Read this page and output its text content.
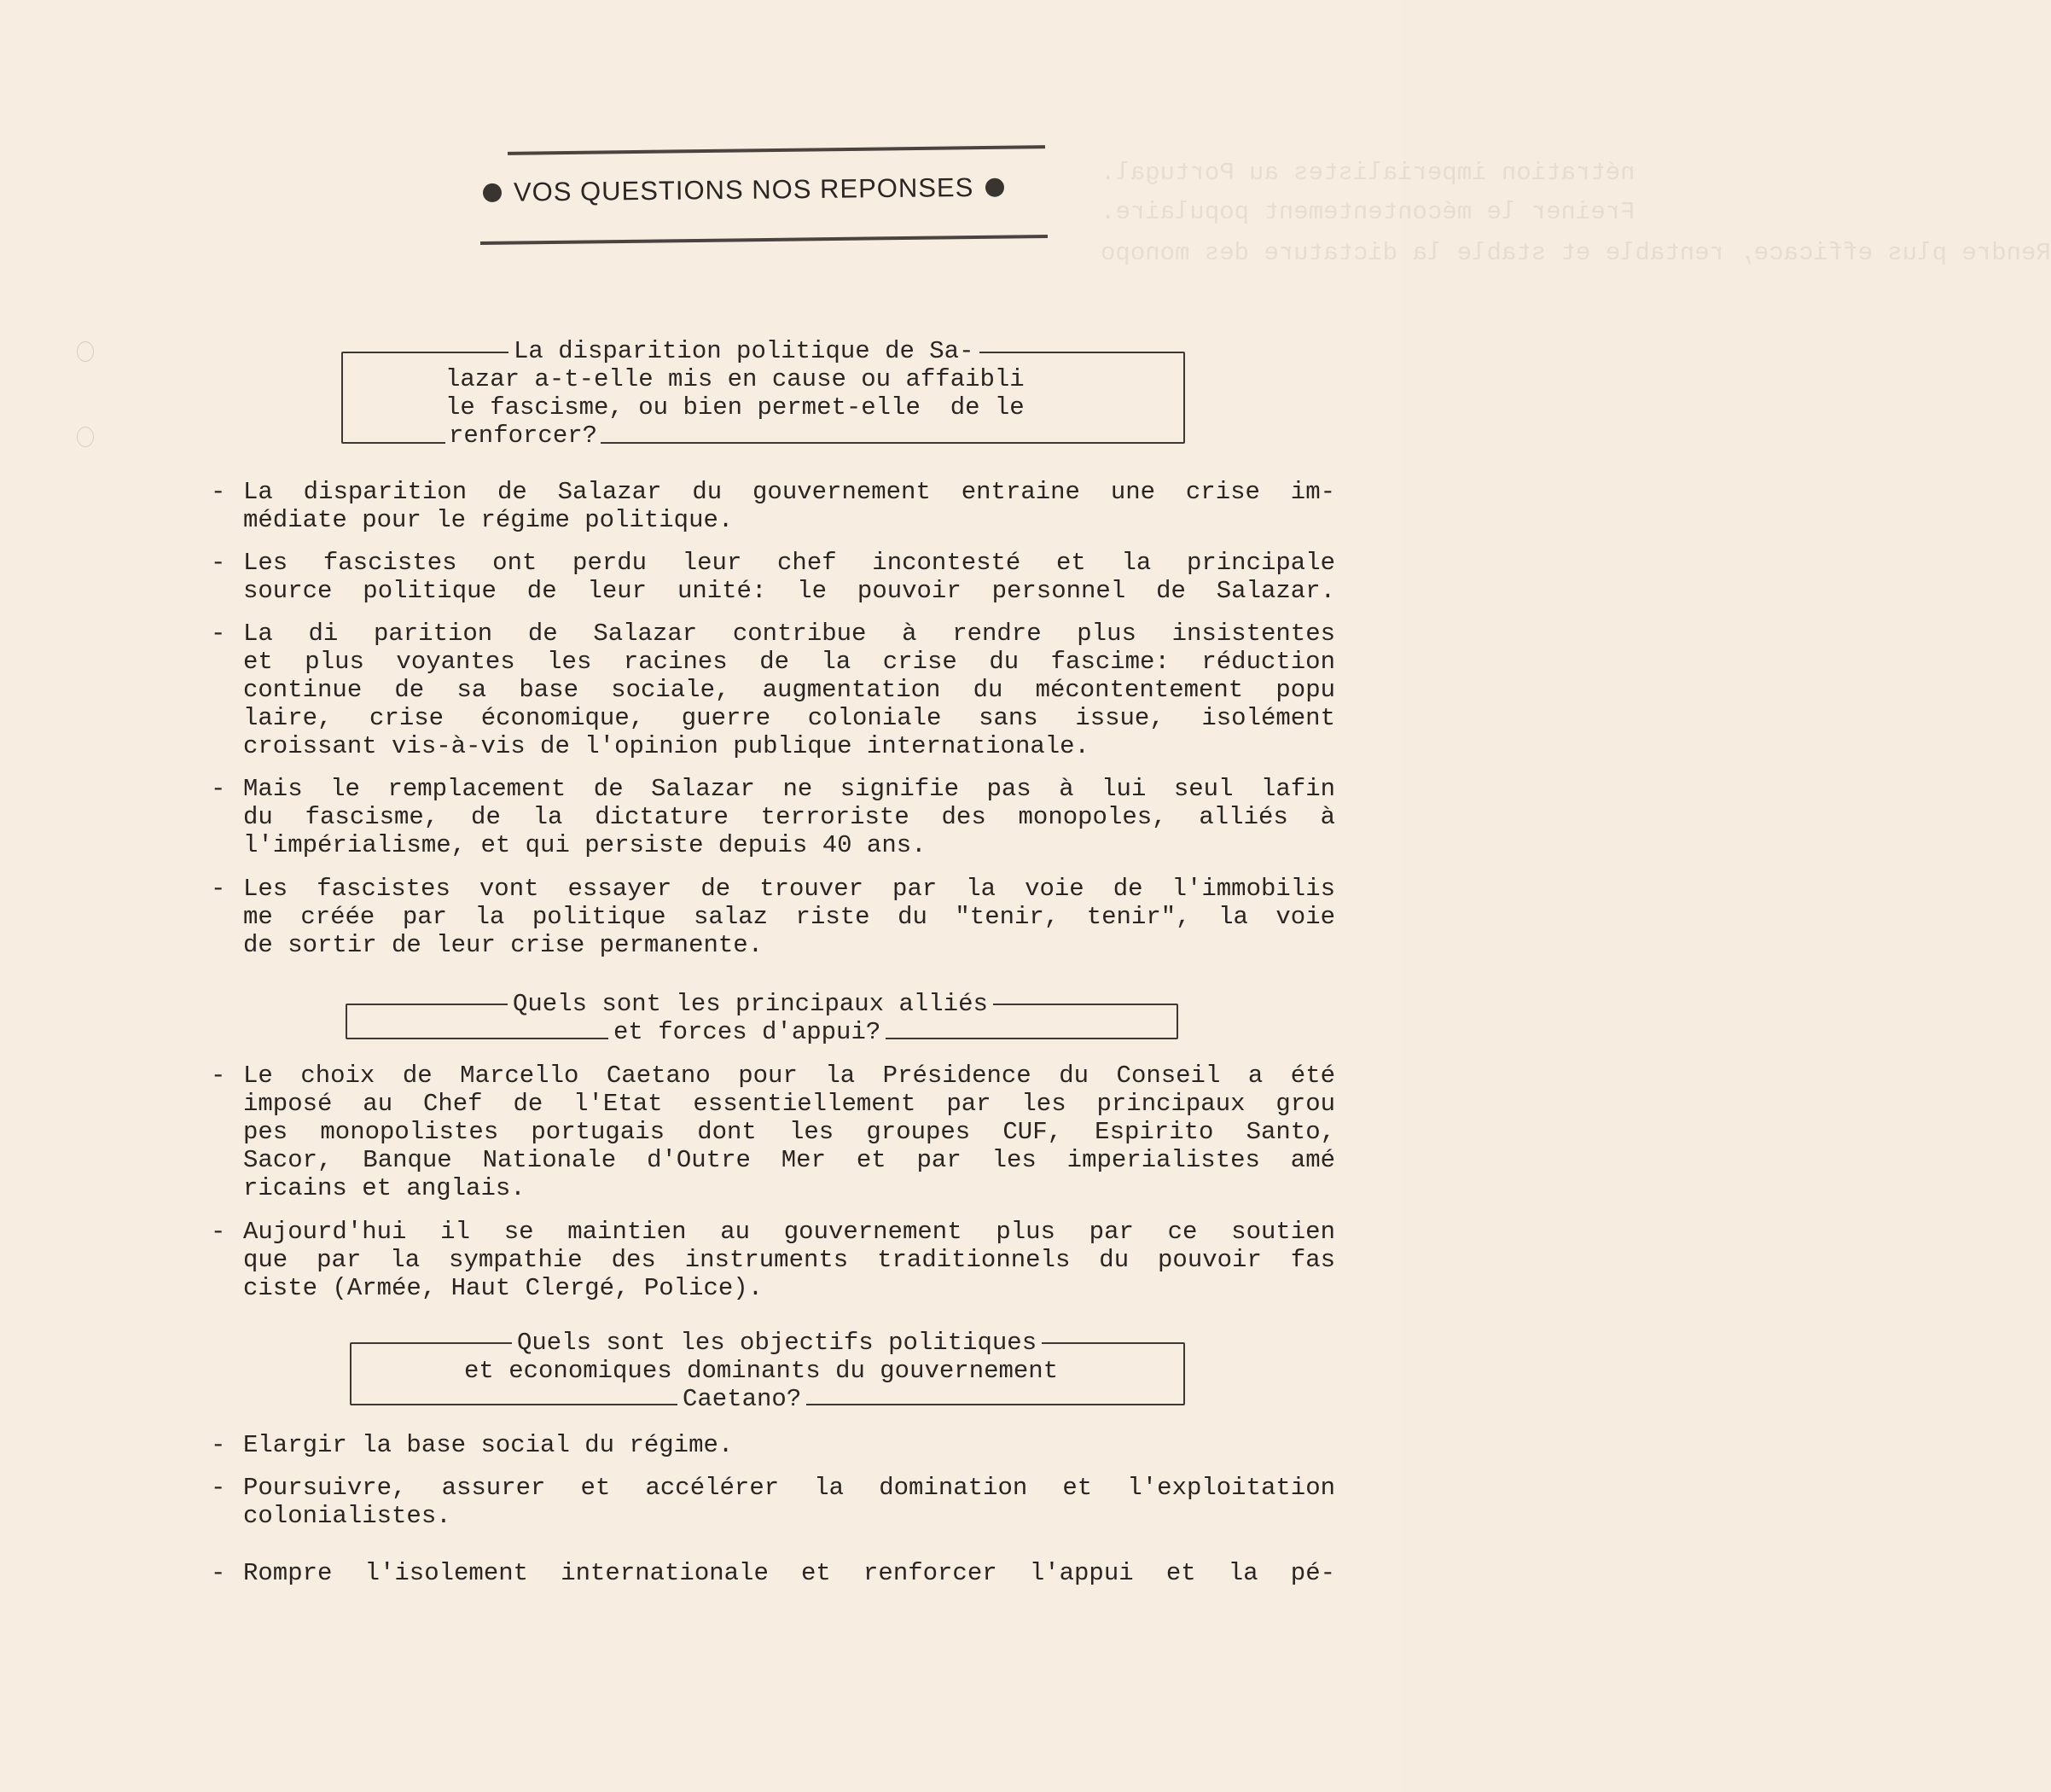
nétration imperialistes au Portugal.
Freiner le mécontentement populaire.
Rendre plus efficace, rentable et stable la dictature des monopo
VOS QUESTIONS NOS REPONSES
La disparition politique de Sa-
lazar a-t-elle mis en cause ou affaibli
le fascisme, ou bien permet-elle  de le
renforcer?
- La disparition de Salazar du gouvernement entraine une crise im-
médiate pour le régime politique.
- Les fascistes ont perdu leur chef incontesté et la principale
source politique de leur unité: le pouvoir personnel de Salazar.
- La di parition de Salazar contribue à rendre plus insistentes
et plus voyantes les racines de la crise du fascime: réduction
continue de sa base sociale, augmentation du mécontentement popu
laire, crise économique, guerre coloniale sans issue, isolément
croissant vis-à-vis de l'opinion publique internationale.
- Mais le remplacement de Salazar ne signifie pas à lui seul lafin
du fascisme, de la dictature terroriste des monopoles, alliés à
l'impérialisme, et qui persiste depuis 40 ans.
- Les fascistes vont essayer de trouver par la voie de l'immobilis
me créée par la politique salaz riste du "tenir, tenir", la voie
de sortir de leur crise permanente.
Quels sont les principaux alliés
et forces d'appui?
- Le choix de Marcello Caetano pour la Présidence du Conseil a été
imposé au Chef de l'Etat essentiellement par les principaux grou
pes monopolistes portugais dont les groupes CUF, Espirito Santo,
Sacor, Banque Nationale d'Outre Mer et par les imperialistes amé
ricains et anglais.
- Aujourd'hui il se maintien au gouvernement plus par ce soutien
que par la sympathie des instruments traditionnels du pouvoir fas
ciste (Armée, Haut Clergé, Police).
Quels sont les objectifs politiques
et economiques dominants du gouvernement
Caetano?
- Elargir la base social du régime.
- Poursuivre, assurer et accélérer la domination et l'exploitation
colonialistes.
- Rompre l'isolement internationale et renforcer l'appui et la pé-
